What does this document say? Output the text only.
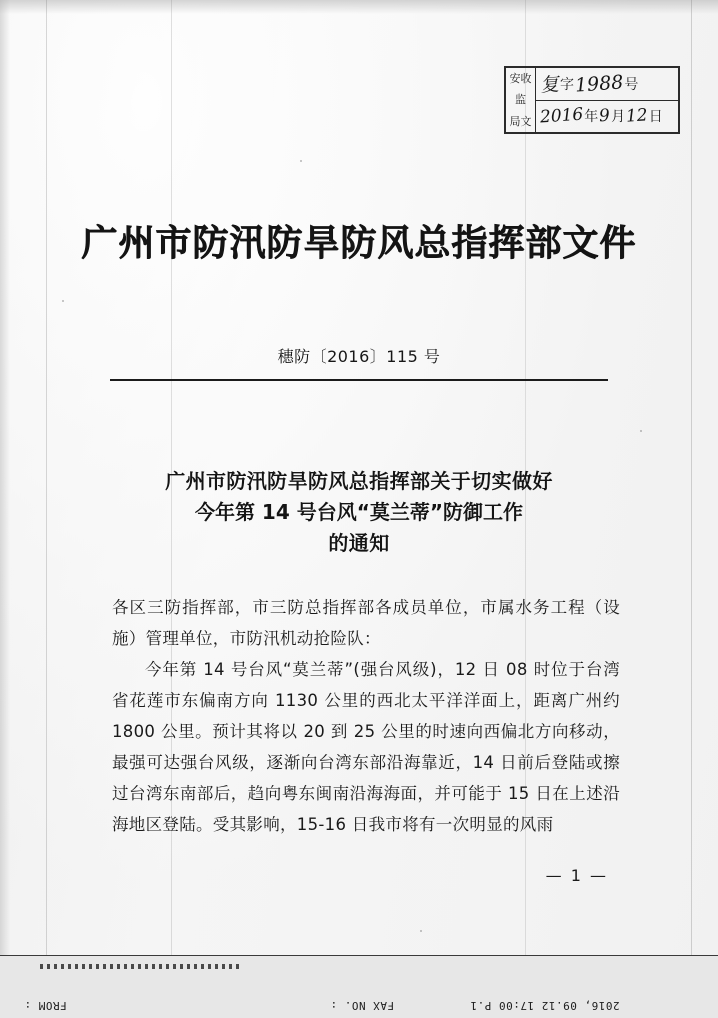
安收
监
局文
复 字 1988 号
2016 年 9 月 12 日
广州市防汛防旱防风总指挥部文件
穗防〔2016〕115 号
广州市防汛防旱防风总指挥部关于切实做好
今年第 14 号台风“莫兰蒂”防御工作
的通知

各区三防指挥部，市三防总指挥部各成员单位，市属水务工程（设施）管理单位，市防汛机动抢险队：

今年第 14 号台风“莫兰蒂”(强台风级)，12 日 08 时位于台湾省花莲市东偏南方向 1130 公里的西北太平洋洋面上，距离广州约 1800 公里。预计其将以 20 到 25 公里的时速向西偏北方向移动，最强可达强台风级，逐渐向台湾东部沿海靠近，14 日前后登陆或擦过台湾东南部后，趋向粤东闽南沿海海面，并可能于 15 日在上述沿海地区登陆。受其影响，15-16 日我市将有一次明显的风雨

— 1 —
FROM :	FAX NO. :	2016, 09.12 17:00 P.1
